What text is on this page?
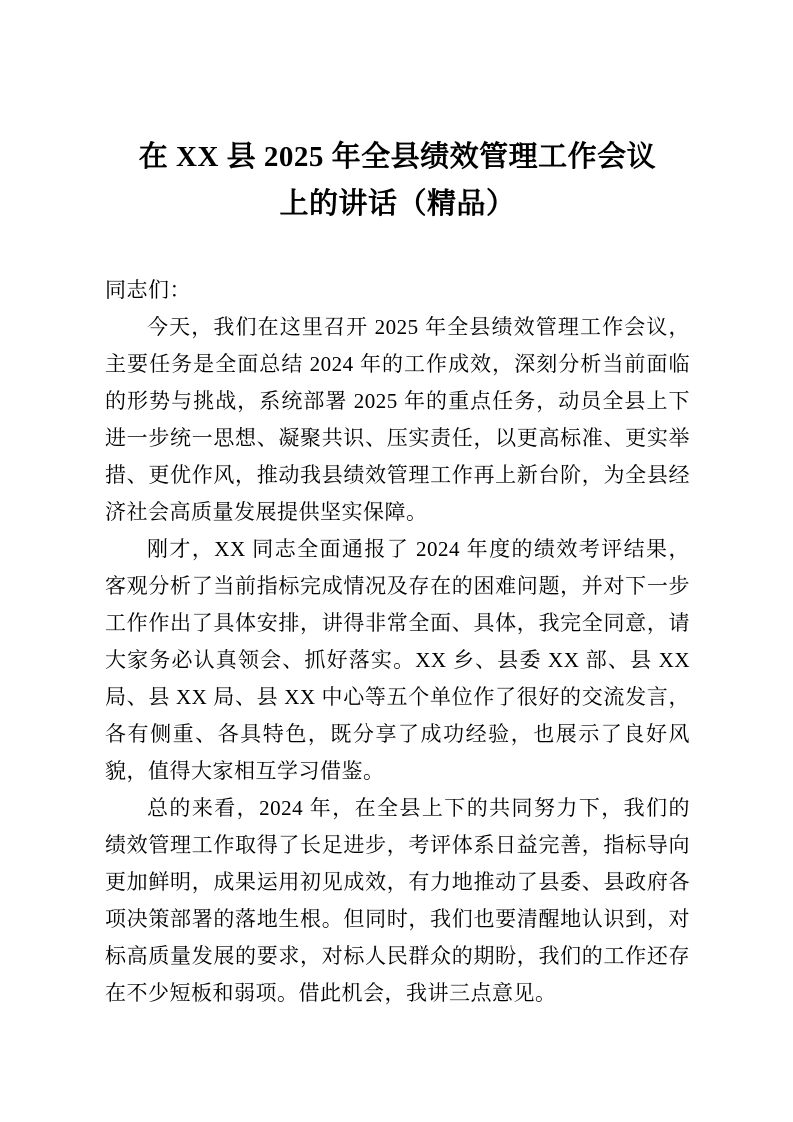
在 XX 县 2025 年全县绩效管理工作会议
上的讲话（精品）

同志们：

今天，我们在这里召开 2025 年全县绩效管理工作会议，主要任务是全面总结 2024 年的工作成效，深刻分析当前面临的形势与挑战，系统部署 2025 年的重点任务，动员全县上下进一步统一思想、凝聚共识、压实责任，以更高标准、更实举措、更优作风，推动我县绩效管理工作再上新台阶，为全县经济社会高质量发展提供坚实保障。

刚才，XX 同志全面通报了 2024 年度的绩效考评结果，客观分析了当前指标完成情况及存在的困难问题，并对下一步工作作出了具体安排，讲得非常全面、具体，我完全同意，请大家务必认真领会、抓好落实。XX 乡、县委 XX 部、县 XX 局、县 XX 局、县 XX 中心等五个单位作了很好的交流发言，各有侧重、各具特色，既分享了成功经验，也展示了良好风貌，值得大家相互学习借鉴。

总的来看，2024 年，在全县上下的共同努力下，我们的绩效管理工作取得了长足进步，考评体系日益完善，指标导向更加鲜明，成果运用初见成效，有力地推动了县委、县政府各项决策部署的落地生根。但同时，我们也要清醒地认识到，对标高质量发展的要求，对标人民群众的期盼，我们的工作还存在不少短板和弱项。借此机会，我讲三点意见。
